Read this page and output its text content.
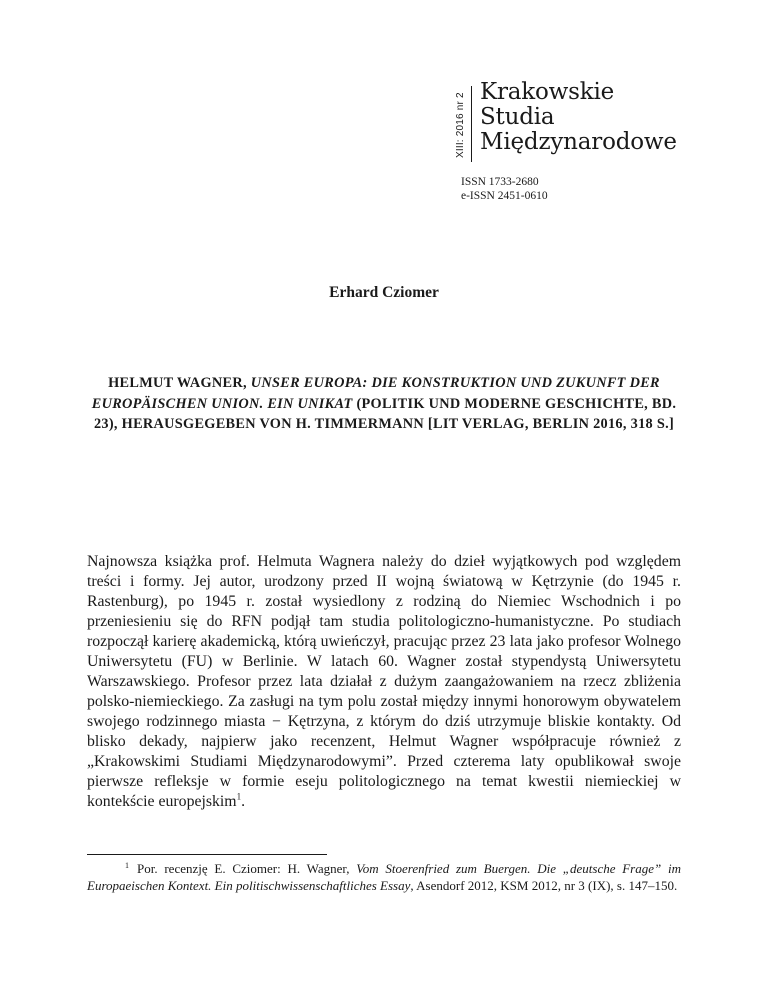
XIII: 2016 nr 2
Krakowskie
Studia
Międzynarodowe
ISSN 1733-2680
e-ISSN 2451-0610
Erhard Cziomer
HELMUT WAGNER, UNSER EUROPA: DIE KONSTRUKTION UND ZUKUNFT DER EUROPÄISCHEN UNION. EIN UNIKAT (POLITIK UND MODERNE GESCHICHTE, BD. 23), HERAUSGEGEBEN VON H. TIMMERMANN [LIT VERLAG, BERLIN 2016, 318 S.]
Najnowsza książka prof. Helmuta Wagnera należy do dzieł wyjątkowych pod względem treści i formy. Jej autor, urodzony przed II wojną światową w Kętrzynie (do 1945 r. Rastenburg), po 1945 r. został wysiedlony z rodziną do Niemiec Wschodnich i po przeniesieniu się do RFN podjął tam studia politologiczno-humanistyczne. Po studiach rozpoczął karierę akademicką, którą uwieńczył, pracując przez 23 lata jako profesor Wolnego Uniwersytetu (FU) w Berlinie. W latach 60. Wagner został stypendystą Uniwersytetu Warszawskiego. Profesor przez lata działał z dużym zaangażowaniem na rzecz zbliżenia polsko-niemieckiego. Za zasługi na tym polu został między innymi honorowym obywatelem swojego rodzinnego miasta − Kętrzyna, z którym do dziś utrzymuje bliskie kontakty. Od blisko dekady, najpierw jako recenzent, Helmut Wagner współpracuje również z „Krakowskimi Studiami Międzynarodowymi”. Przed czterema laty opublikował swoje pierwsze refleksje w formie eseju politologicznego na temat kwestii niemieckiej w kontekście europejskim$^1$.
$^1$ Por. recenzję E. Cziomer: H. Wagner, Vom Stoerenfried zum Buergen. Die „deutsche Frage” im Europaeischen Kontext. Ein politischwissenschaftliches Essay, Asendorf 2012, KSM 2012, nr 3 (IX), s. 147–150.
